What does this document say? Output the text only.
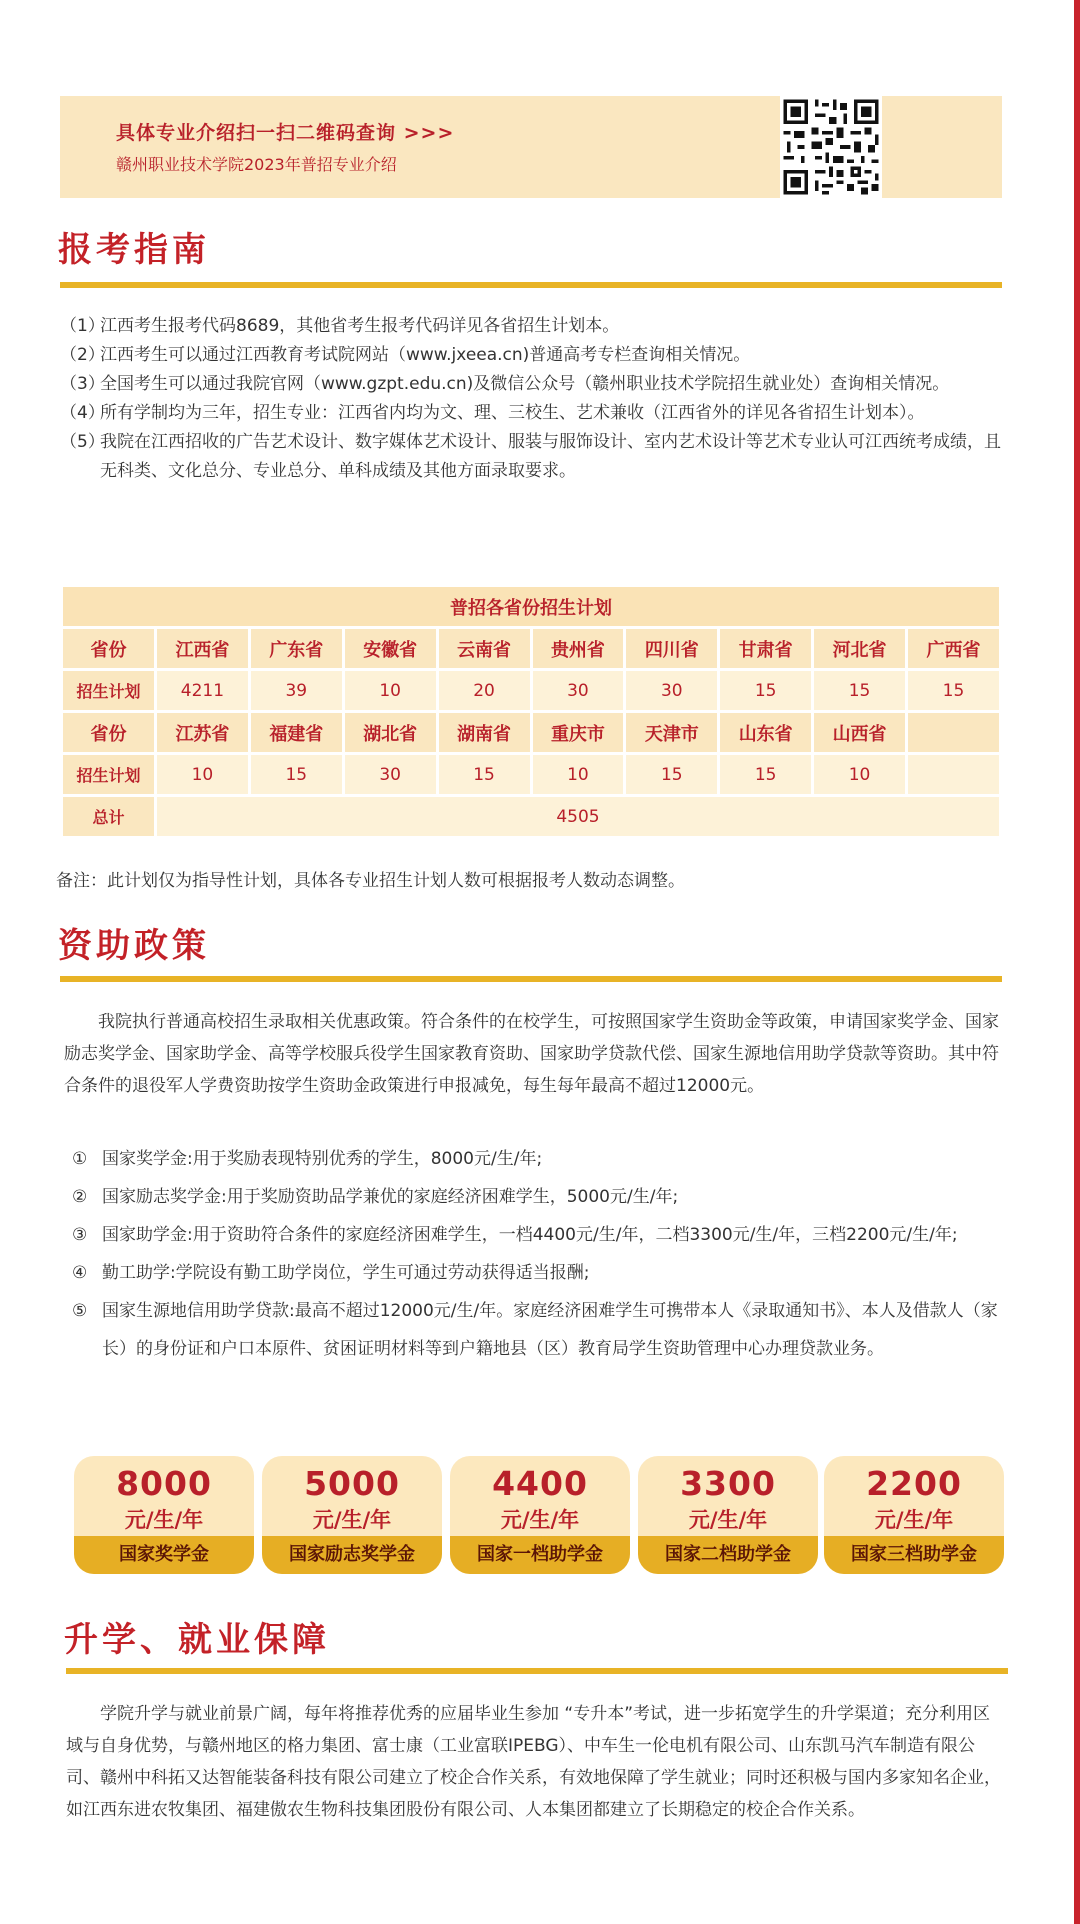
具体专业介绍扫一扫二维码查询 >>>
赣州职业技术学院2023年普招专业介绍
报考指南
（1）
江西考生报考代码8689，其他省考生报考代码详见各省招生计划本。
（2）
江西考生可以通过江西教育考试院网站（www.jxeea.cn)普通高考专栏查询相关情况。
（3）
全国考生可以通过我院官网（www.gzpt.edu.cn)及微信公众号（赣州职业技术学院招生就业处）查询相关情况。
（4）
所有学制均为三年，招生专业：江西省内均为文、理、三校生、艺术兼收（江西省外的详见各省招生计划本）。
（5）
我院在江西招收的广告艺术设计、数字媒体艺术设计、服装与服饰设计、室内艺术设计等艺术专业认可江西统考成绩，且无科类、文化总分、专业总分、单科成绩及其他方面录取要求。
普招各省份招生计划									
省份	江西省	广东省	安徽省	云南省	贵州省	四川省	甘肃省	河北省	广西省
招生计划	4211	39	10	20	30	30	15	15	15
省份	江苏省	福建省	湖北省	湖南省	重庆市	天津市	山东省	山西省	
招生计划	10	15	30	15	10	15	15	10	
总计	4505								
备注：此计划仅为指导性计划，具体各专业招生计划人数可根据报考人数动态调整。
资助政策

我院执行普通高校招生录取相关优惠政策。符合条件的在校学生，可按照国家学生资助金等政策，申请国家奖学金、国家励志奖学金、国家助学金、高等学校服兵役学生国家教育资助、国家助学贷款代偿、国家生源地信用助学贷款等资助。其中符合条件的退役军人学费资助按学生资助金政策进行申报减免，每生每年最高不超过12000元。

① 国家奖学金:用于奖励表现特别优秀的学生，8000元/生/年;
② 国家励志奖学金:用于奖励资助品学兼优的家庭经济困难学生，5000元/生/年;
③ 国家助学金:用于资助符合条件的家庭经济困难学生，一档4400元/生/年，二档3300元/生/年，三档2200元/生/年;
④ 勤工助学:学院设有勤工助学岗位，学生可通过劳动获得适当报酬;
⑤ 国家生源地信用助学贷款:最高不超过12000元/生/年。家庭经济困难学生可携带本人《录取通知书》、本人及借款人（家长）的身份证和户口本原件、贫困证明材料等到户籍地县（区）教育局学生资助管理中心办理贷款业务。
8000
元/生/年
国家奖学金
5000
元/生/年
国家励志奖学金
4400
元/生/年
国家一档助学金
3300
元/生/年
国家二档助学金
2200
元/生/年
国家三档助学金
升学、就业保障

学院升学与就业前景广阔，每年将推荐优秀的应届毕业生参加 “专升本”考试，进一步拓宽学生的升学渠道；充分利用区域与自身优势，与赣州地区的格力集团、富士康（工业富联IPEBG）、中车生一伦电机有限公司、山东凯马汽车制造有限公司、赣州中科拓又达智能装备科技有限公司建立了校企合作关系，有效地保障了学生就业；同时还积极与国内多家知名企业，如江西东进农牧集团、福建傲农生物科技集团股份有限公司、人本集团都建立了长期稳定的校企合作关系。
